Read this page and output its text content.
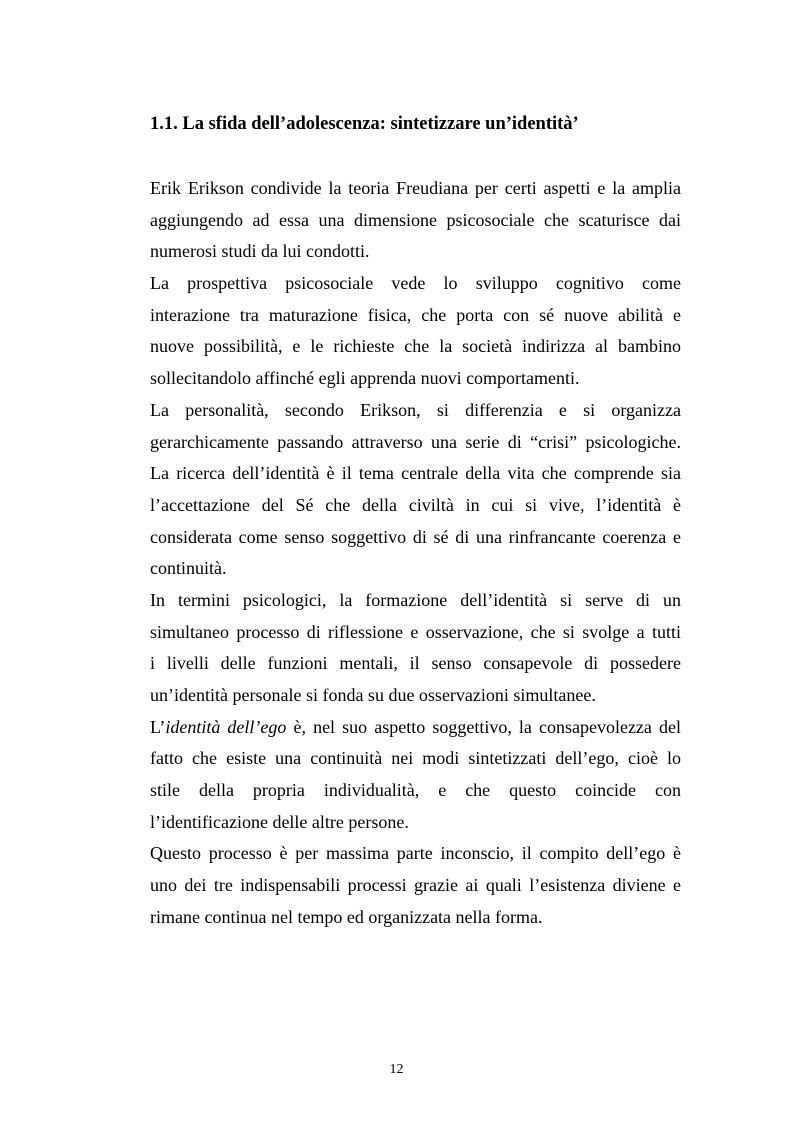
1.1. La sfida dell’adolescenza: sintetizzare un’identità’
Erik Erikson condivide la teoria Freudiana per certi aspetti e la amplia
aggiungendo ad essa una dimensione psicosociale che scaturisce dai
numerosi studi da lui condotti.
La prospettiva psicosociale vede lo sviluppo cognitivo come
interazione tra maturazione fisica, che porta con sé nuove abilità e
nuove possibilità, e le richieste che la società indirizza al bambino
sollecitandolo affinché egli apprenda nuovi comportamenti.
La personalità, secondo Erikson, si differenzia e si organizza
gerarchicamente passando attraverso una serie di “crisi” psicologiche.
La ricerca dell’identità è il tema centrale della vita che comprende sia
l’accettazione del Sé che della civiltà in cui si vive, l’identità è
considerata come senso soggettivo di sé di una rinfrancante coerenza e
continuità.
In termini psicologici, la formazione dell’identità si serve di un
simultaneo processo di riflessione e osservazione, che si svolge a tutti
i livelli delle funzioni mentali, il senso consapevole di possedere
un’identità personale si fonda su due osservazioni simultanee.
L’identità dell’ego è, nel suo aspetto soggettivo, la consapevolezza del
fatto che esiste una continuità nei modi sintetizzati dell’ego, cioè lo
stile della propria individualità, e che questo coincide con
l’identificazione delle altre persone.
Questo processo è per massima parte inconscio, il compito dell’ego è
uno dei tre indispensabili processi grazie ai quali l’esistenza diviene e
rimane continua nel tempo ed organizzata nella forma.
12
